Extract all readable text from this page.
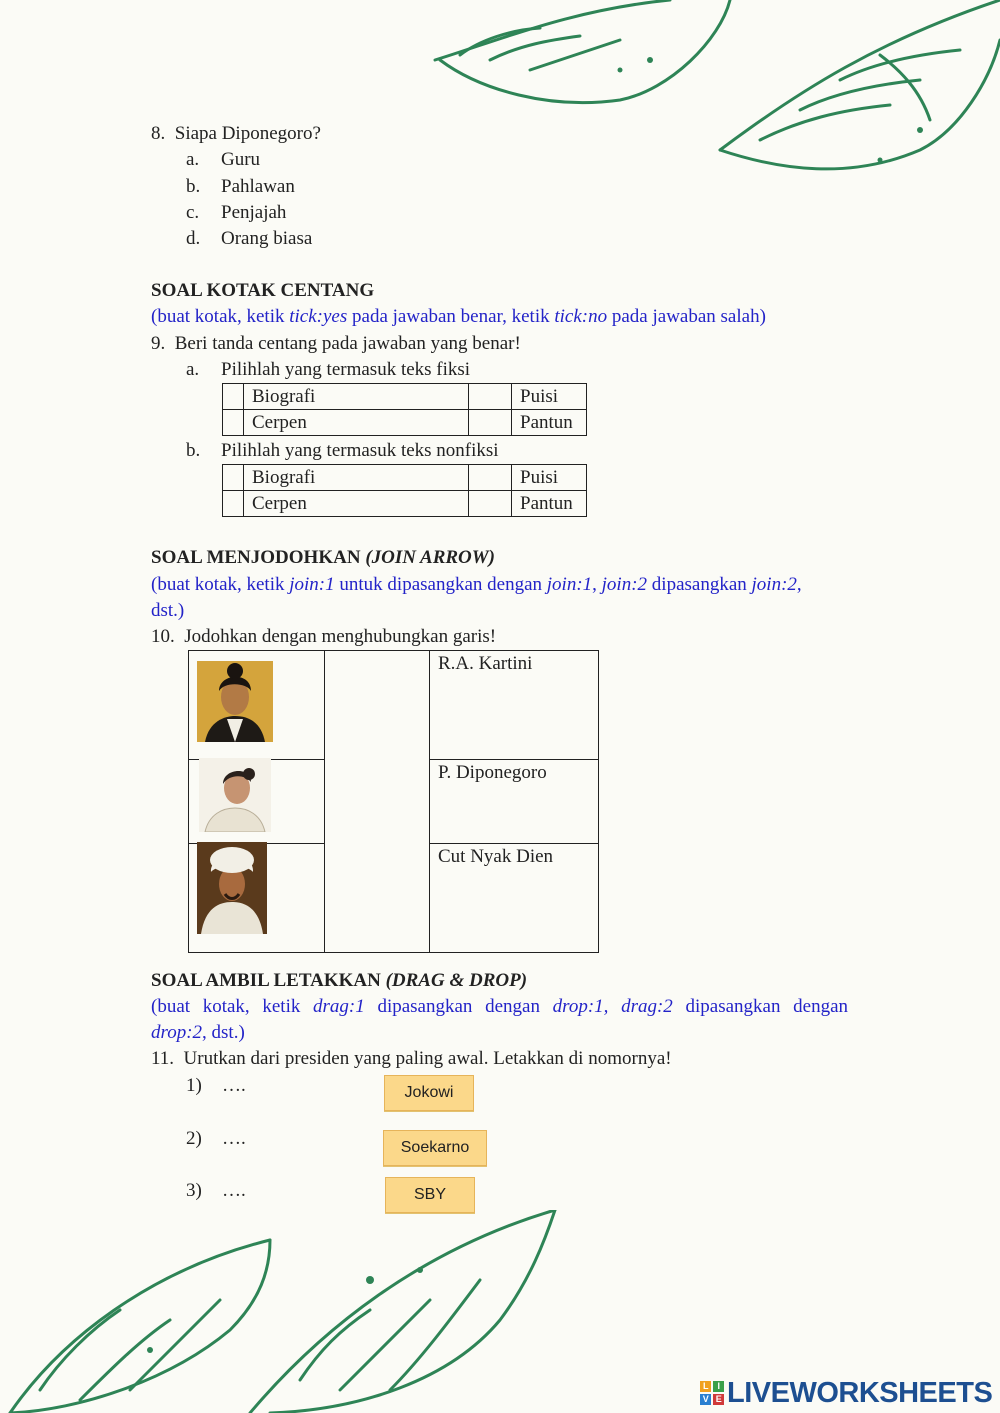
8. Siapa Diponegoro?
a. Guru
b. Pahlawan
c. Penjajah
d. Orang biasa
SOAL KOTAK CENTANG
(buat kotak, ketik tick:yes pada jawaban benar, ketik tick:no pada jawaban salah)
9. Beri tanda centang pada jawaban yang benar!
a. Pilihlah yang termasuk teks fiksi
	Biografi		Puisi
	Cerpen		Pantun
b. Pilihlah yang termasuk teks nonfiksi
	Biografi		Puisi
	Cerpen		Pantun
SOAL MENJODOHKAN (JOIN ARROW)
(buat kotak, ketik join:1 untuk dipasangkan dengan join:1, join:2 dipasangkan join:2,
dst.)
10. Jodohkan dengan menghubungkan garis!
		R.A. Kartini
		P. Diponegoro
		Cut Nyak Dien
SOAL AMBIL LETAKKAN (DRAG & DROP)
(buat kotak, ketik drag:1 dipasangkan dengan drop:1, drag:2 dipasangkan dengan
drop:2, dst.)
11. Urutkan dari presiden yang paling awal. Letakkan di nomornya!
1) ….
2) ….
3) ….
Jokowi
Soekarno
SBY
L	I
V E LIVEWORKSHEETS
